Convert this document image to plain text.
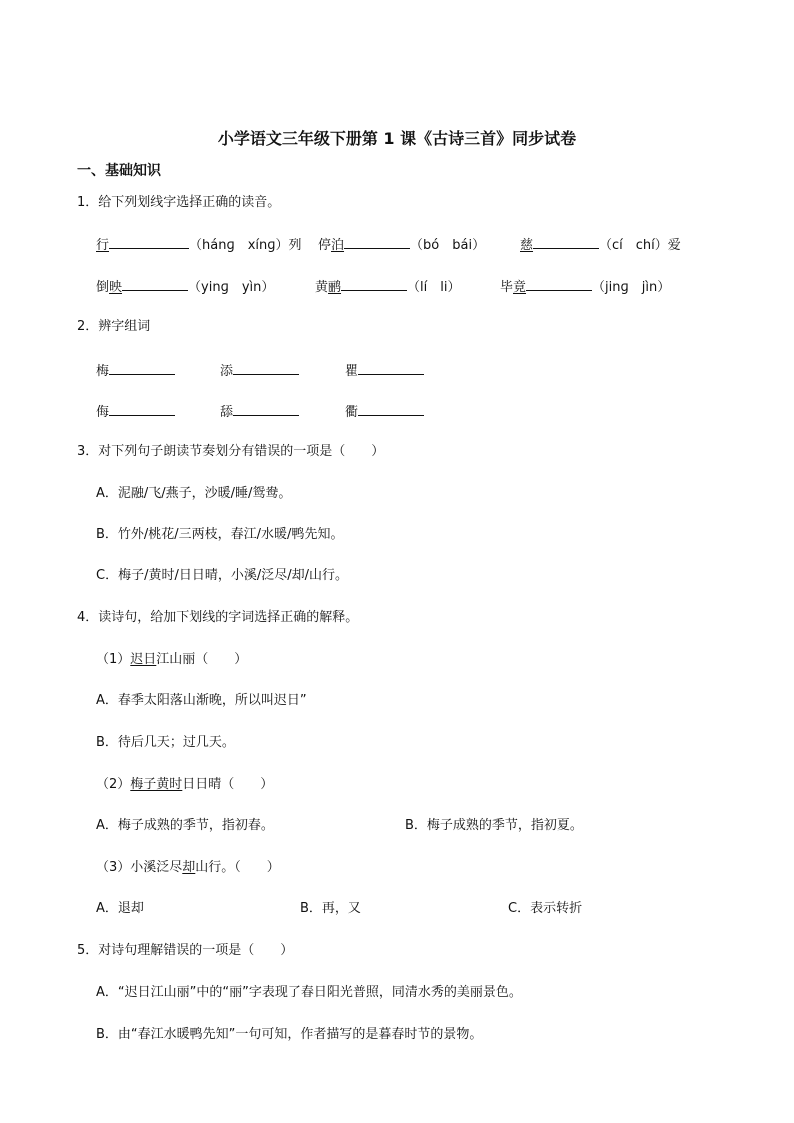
小学语文三年级下册第 1 课《古诗三首》同步试卷
一、基础知识
1．给下列划线字选择正确的读音。
行	（hánɡ　xínɡ）列 停泊	（bó　bái）	慈	（cí　chí）爱
倒映	（yinɡ　yìn）	黄鹂	（lí　li）	毕竟	（jinɡ　jìn）
2．辨字组词
梅	添	瞿
侮	舔	衢
3．对下列句子朗读节奏划分有错误的一项是（　　）
A．泥融/飞/燕子，沙暖/睡/鸳鸯。
B．竹外/桃花/三两枝，春江/水暖/鸭先知。
C．梅子/黄时/日日晴，小溪/泛尽/却/山行。
4．读诗句，给加下划线的字词选择正确的解释。
（1）迟日江山丽（　　）
A．春季太阳落山渐晚，所以叫迟日”
B．待后几天；过几天。
（2）梅子黄时日日晴（　　）
A．梅子成熟的季节，指初春。	B．梅子成熟的季节，指初夏。
（3）小溪泛尽却山行。（　　）
A．退却	B．再，又	C．表示转折
5．对诗句理解错误的一项是（　　）
A．“迟日江山丽”中的“丽”字表现了春日阳光普照，同清水秀的美丽景色。
B．由“春江水暖鸭先知”一句可知，作者描写的是暮春时节的景物。
